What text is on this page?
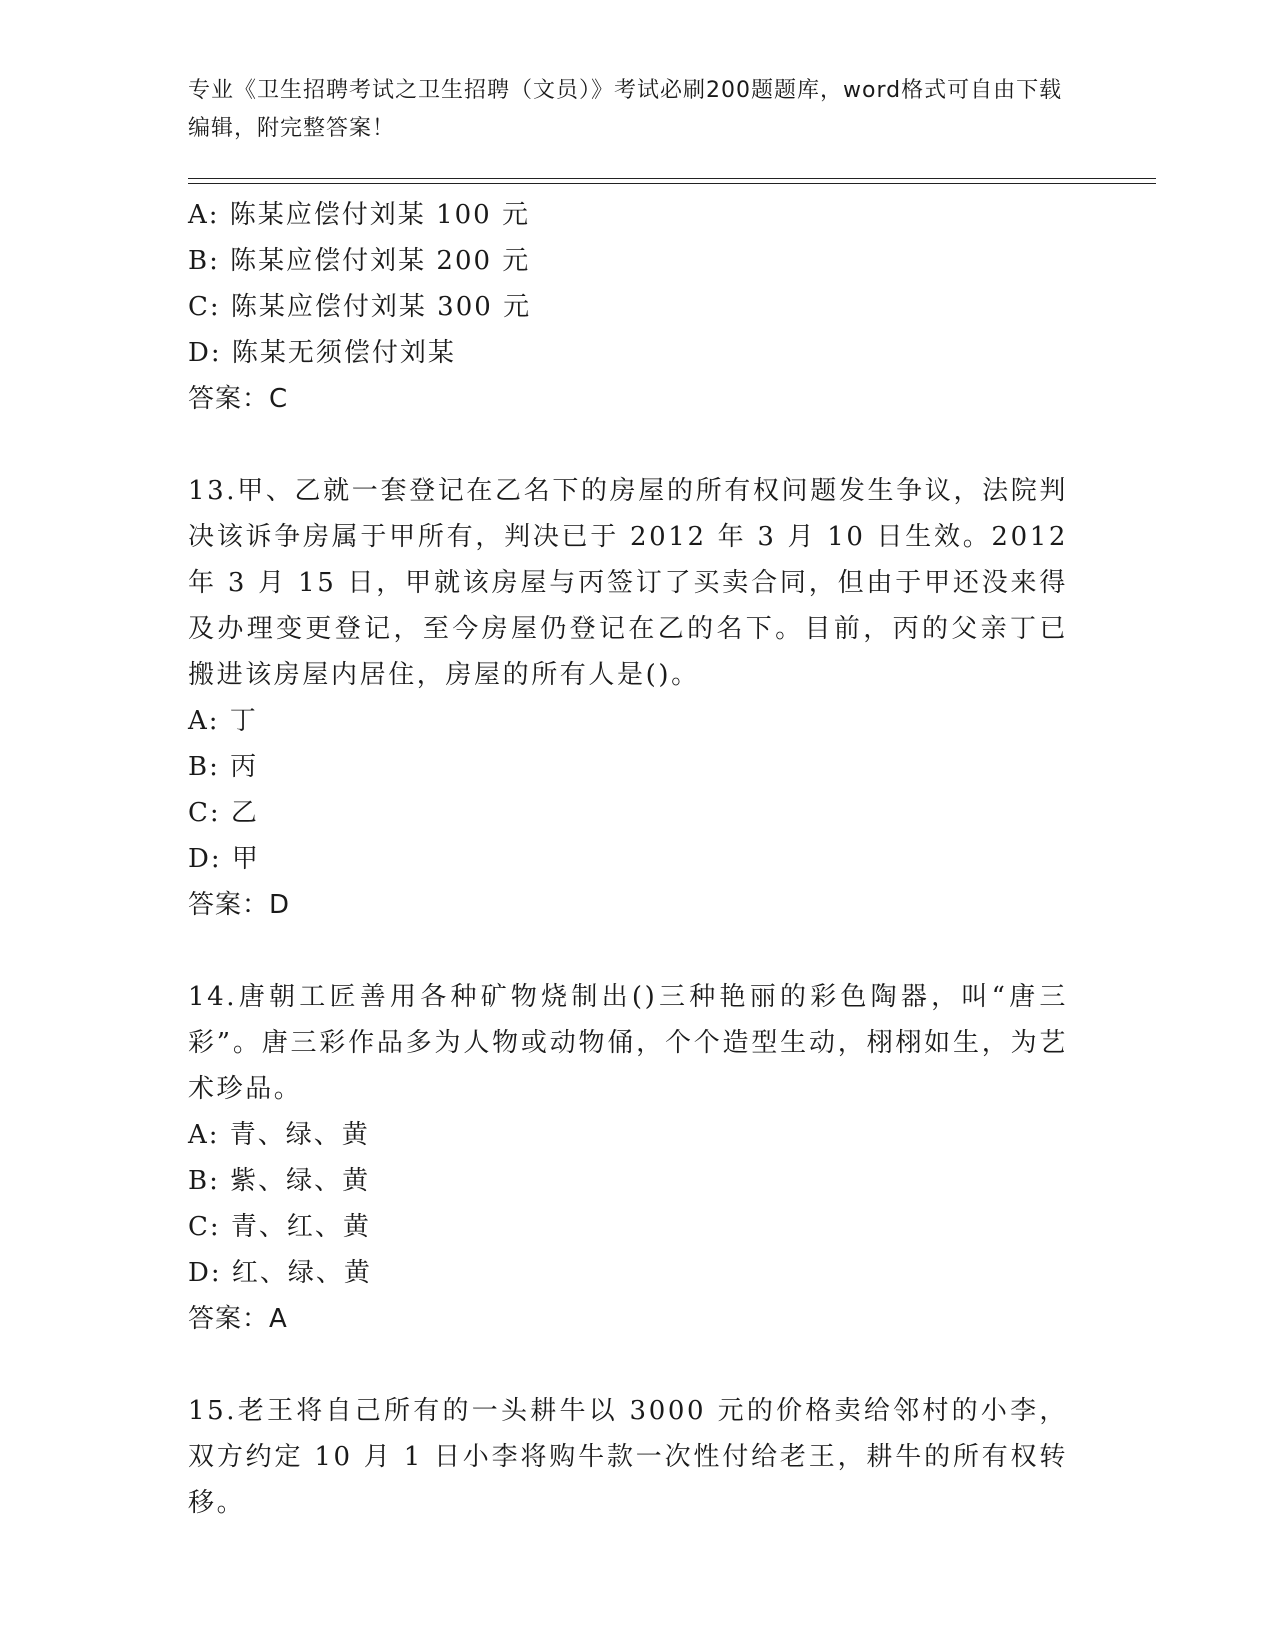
专业《卫生招聘考试之卫生招聘（文员）》考试必刷200题题库，word格式可自由下载编辑，附完整答案！
A: 陈某应偿付刘某 100 元
B: 陈某应偿付刘某 200 元
C: 陈某应偿付刘某 300 元
D: 陈某无须偿付刘某
答案：C
13.甲、乙就一套登记在乙名下的房屋的所有权问题发生争议，法院判决该诉争房属于甲所有，判决已于 2012 年 3 月 10 日生效。2012 年 3 月 15 日，甲就该房屋与丙签订了买卖合同，但由于甲还没来得及办理变更登记，至今房屋仍登记在乙的名下。目前，丙的父亲丁已搬进该房屋内居住，房屋的所有人是()。
A: 丁
B: 丙
C: 乙
D: 甲
答案：D
14.唐朝工匠善用各种矿物烧制出()三种艳丽的彩色陶器，叫“唐三彩”。唐三彩作品多为人物或动物俑，个个造型生动，栩栩如生，为艺术珍品。
A: 青、绿、黄
B: 紫、绿、黄
C: 青、红、黄
D: 红、绿、黄
答案：A
15.老王将自己所有的一头耕牛以 3000 元的价格卖给邻村的小李，双方约定 10 月 1 日小李将购牛款一次性付给老王，耕牛的所有权转移。
